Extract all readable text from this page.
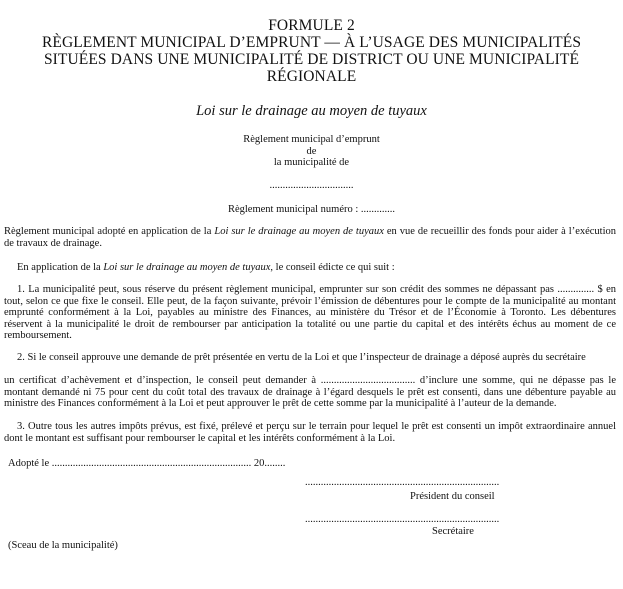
FORMULE 2
RÈGLEMENT MUNICIPAL D’EMPRUNT — À L’USAGE DES MUNICIPALITÉS
SITUÉES DANS UNE MUNICIPALITÉ DE DISTRICT OU UNE MUNICIPALITÉ
RÉGIONALE
Loi sur le drainage au moyen de tuyaux
Règlement municipal d’emprunt
de
la municipalité de
................................
Règlement municipal numéro : .............
Règlement municipal adopté en application de la Loi sur le drainage au moyen de tuyaux en vue de recueillir des fonds pour aider à l’exécution de travaux de drainage.
En application de la Loi sur le drainage au moyen de tuyaux, le conseil édicte ce qui suit :
1. La municipalité peut, sous réserve du présent règlement municipal, emprunter sur son crédit des sommes ne dépassant pas .............. $ en tout, selon ce que fixe le conseil. Elle peut, de la façon suivante, prévoir l’émission de débentures pour le compte de la municipalité au montant emprunté conformément à la Loi, payables au ministre des Finances, au ministère du Trésor et de l’Économie à Toronto. Les débentures réservent à la municipalité le droit de rembourser par anticipation la totalité ou une partie du capital et des intérêts échus au moment de ce remboursement.
2. Si le conseil approuve une demande de prêt présentée en vertu de la Loi et que l’inspecteur de drainage a déposé auprès du secrétaire
un certificat d’achèvement et d’inspection, le conseil peut demander à .................................... d’inclure une somme, qui ne dépasse pas le montant demandé ni 75 pour cent du coût total des travaux de drainage à l’égard desquels le prêt est consenti, dans une débenture payable au ministre des Finances conformément à la Loi et peut approuver le prêt de cette somme par la municipalité à l’auteur de la demande.
3. Outre tous les autres impôts prévus, est fixé, prélevé et perçu sur le terrain pour lequel le prêt est consenti un impôt extraordinaire annuel dont le montant est suffisant pour rembourser le capital et les intérêts conformément à la Loi.
Adopté le ............................................................................ 20........
..........................................................................
Président du conseil
..........................................................................
Secrétaire
(Sceau de la municipalité)
